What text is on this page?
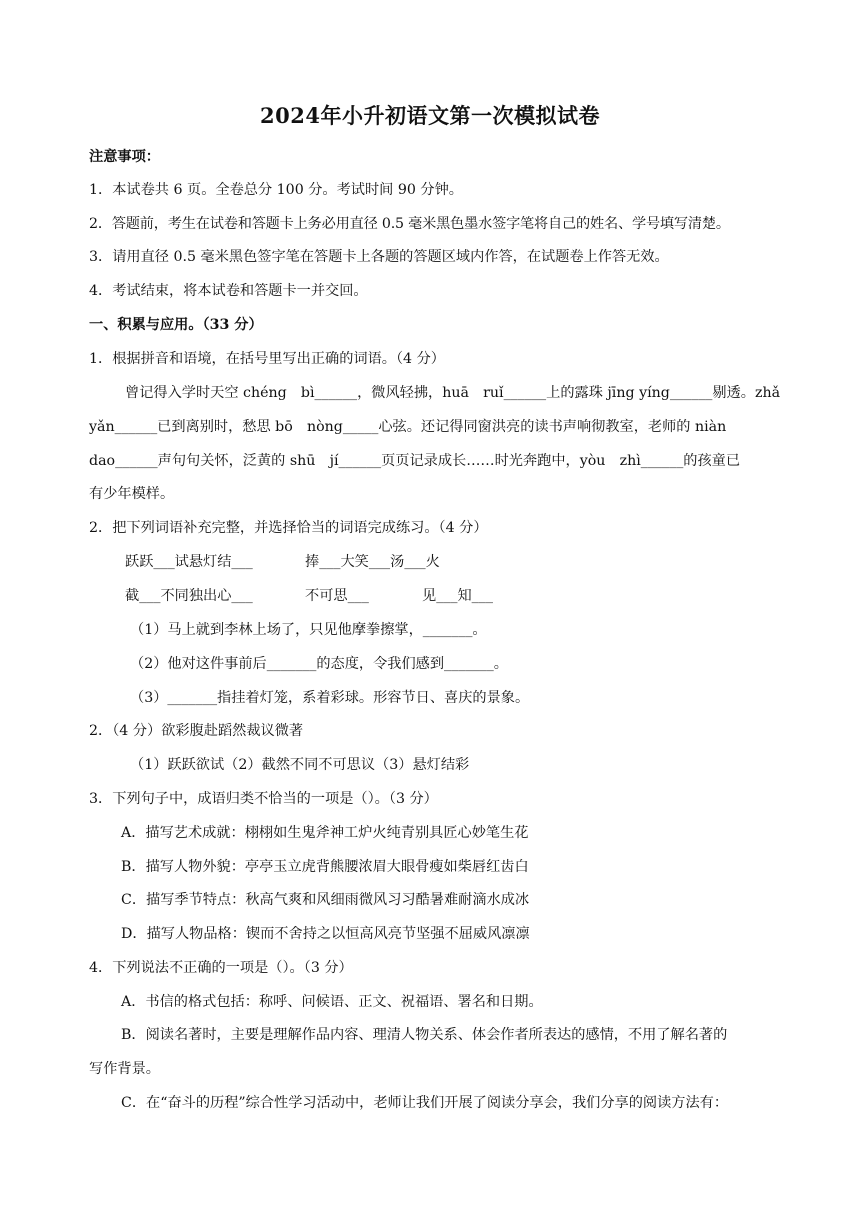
2024年小升初语文第一次模拟试卷
注意事项：
1．本试卷共 6 页。全卷总分 100 分。考试时间 90 分钟。
2．答题前，考生在试卷和答题卡上务必用直径 0.5 毫米黑色墨水签字笔将自己的姓名、学号填写清楚。
3．请用直径 0.5 毫米黑色签字笔在答题卡上各题的答题区域内作答，在试题卷上作答无效。
4．考试结束，将本试卷和答题卡一并交回。
一、积累与应用。（33 分）
1．根据拼音和语境，在括号里写出正确的词语。（4 分）
曾记得入学时天空 chéng　bì______，微风轻拂，huā　ruǐ______上的露珠 jīng yíng______剔透。zhǎ
yǎn______已到离别时，愁思 bō　nòng_____心弦。还记得同窗洪亮的读书声响彻教室，老师的 niàn
dao______声句句关怀，泛黄的 shū　jí______页页记录成长……时光奔跑中，yòu　zhì______的孩童已
有少年模样。
2．把下列词语补充完整，并选择恰当的词语完成练习。（4 分）
跃跃___试悬灯结___	捧___大笑___汤___火
截___不同独出心___	不可思___	见___知___
（1）马上就到李林上场了，只见他摩拳擦掌，_______。
（2）他对这件事前后_______的态度，令我们感到_______。
（3）_______指挂着灯笼，系着彩球。形容节日、喜庆的景象。
2．（4 分）欲彩腹赴蹈然裁议微著
（1）跃跃欲试（2）截然不同不可思议（3）悬灯结彩
3．下列句子中，成语归类不恰当的一项是（）。（3 分）
A．描写艺术成就：栩栩如生鬼斧神工炉火纯青别具匠心妙笔生花
B．描写人物外貌：亭亭玉立虎背熊腰浓眉大眼骨瘦如柴唇红齿白
C．描写季节特点：秋高气爽和风细雨微风习习酷暑难耐滴水成冰
D．描写人物品格：锲而不舍持之以恒高风亮节坚强不屈威风凛凛
4．下列说法不正确的一项是（）。（3 分）
A．书信的格式包括：称呼、问候语、正文、祝福语、署名和日期。
B．阅读名著时，主要是理解作品内容、理清人物关系、体会作者所表达的感情，不用了解名著的
写作背景。
C．在“奋斗的历程”综合性学习活动中，老师让我们开展了阅读分享会，我们分享的阅读方法有：
